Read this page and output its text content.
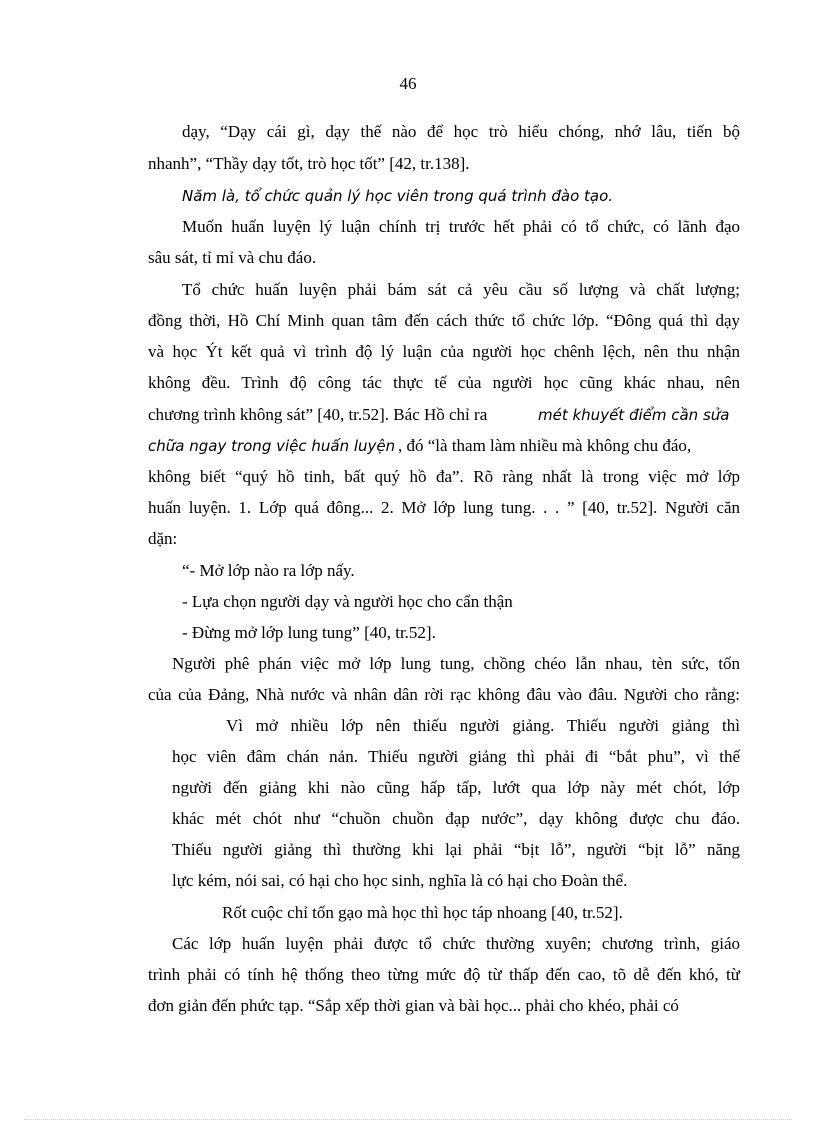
46
dạy, “Dạy cái gì, dạy thế nào để học trò hiểu chóng, nhớ lâu, tiến bộ
nhanh”, “Thầy dạy tốt, trò học tốt” [42, tr.138].
Năm là, tổ chức quản lý học viên trong quá trình đào tạo.
Muốn huấn luyện lý luận chính trị trước hết phải có tổ chức, có lãnh đạo
sâu sát, tỉ mỉ và chu đáo.
Tổ chức huấn luyện phải bám sát cả yêu cầu số lượng và chất lượng;
đồng thời, Hồ Chí Minh quan tâm đến cách thức tổ chức lớp. “Đông quá thì dạy
và học Ýt kết quả vì trình độ lý luận của người học chênh lệch, nên thu nhận
không đều. Trình độ công tác thực tế của người học cũng khác nhau, nên
chương trình không sát” [40, tr.52]. Bác Hồ chỉ ra	mét khuyết điểm cần sửa
chữa ngay trong việc huấn luyện , đó “là tham làm nhiều mà không chu đáo,
không biết “quý hồ tinh, bất quý hồ đa”. Rõ ràng nhất là trong việc mở lớp
huấn luyện. 1. Lớp quá đông... 2. Mở lớp lung tung. . . ” [40, tr.52]. Người căn
dặn:
“- Mở lớp nào ra lớp nấy.
- Lựa chọn người dạy và người học cho cẩn thận
- Đừng mở lớp lung tung” [40, tr.52].
Người phê phán việc mở lớp lung tung, chồng chéo lẫn nhau, tèn sức, tốn
của của Đảng, Nhà nước và nhân dân rời rạc không đâu vào đâu. Người cho rằng:
Vì mở nhiều lớp nên thiếu người giảng. Thiếu người giảng thì
học viên đâm chán nản. Thiếu người giảng thì phải đi “bắt phu”, vì thế
người đến giảng khi nào cũng hấp tấp, lướt qua lớp này mét chót, lớp
khác mét chót như “chuồn chuồn đạp nước”, dạy không được chu đáo.
Thiếu người giảng thì thường khi lại phải “bịt lỗ”, người “bịt lỗ” năng
lực kém, nói sai, có hại cho học sinh, nghĩa là có hại cho Đoàn thể.
Rốt cuộc chỉ tốn gạo mà học thì học táp nhoang [40, tr.52].
Các lớp huấn luyện phải được tổ chức thường xuyên; chương trình, giáo
trình phải có tính hệ thống theo từng mức độ từ thấp đến cao, tõ dễ đến khó, từ
đơn giản đến phức tạp. “Sắp xếp thời gian và bài học... phải cho khéo, phải có
